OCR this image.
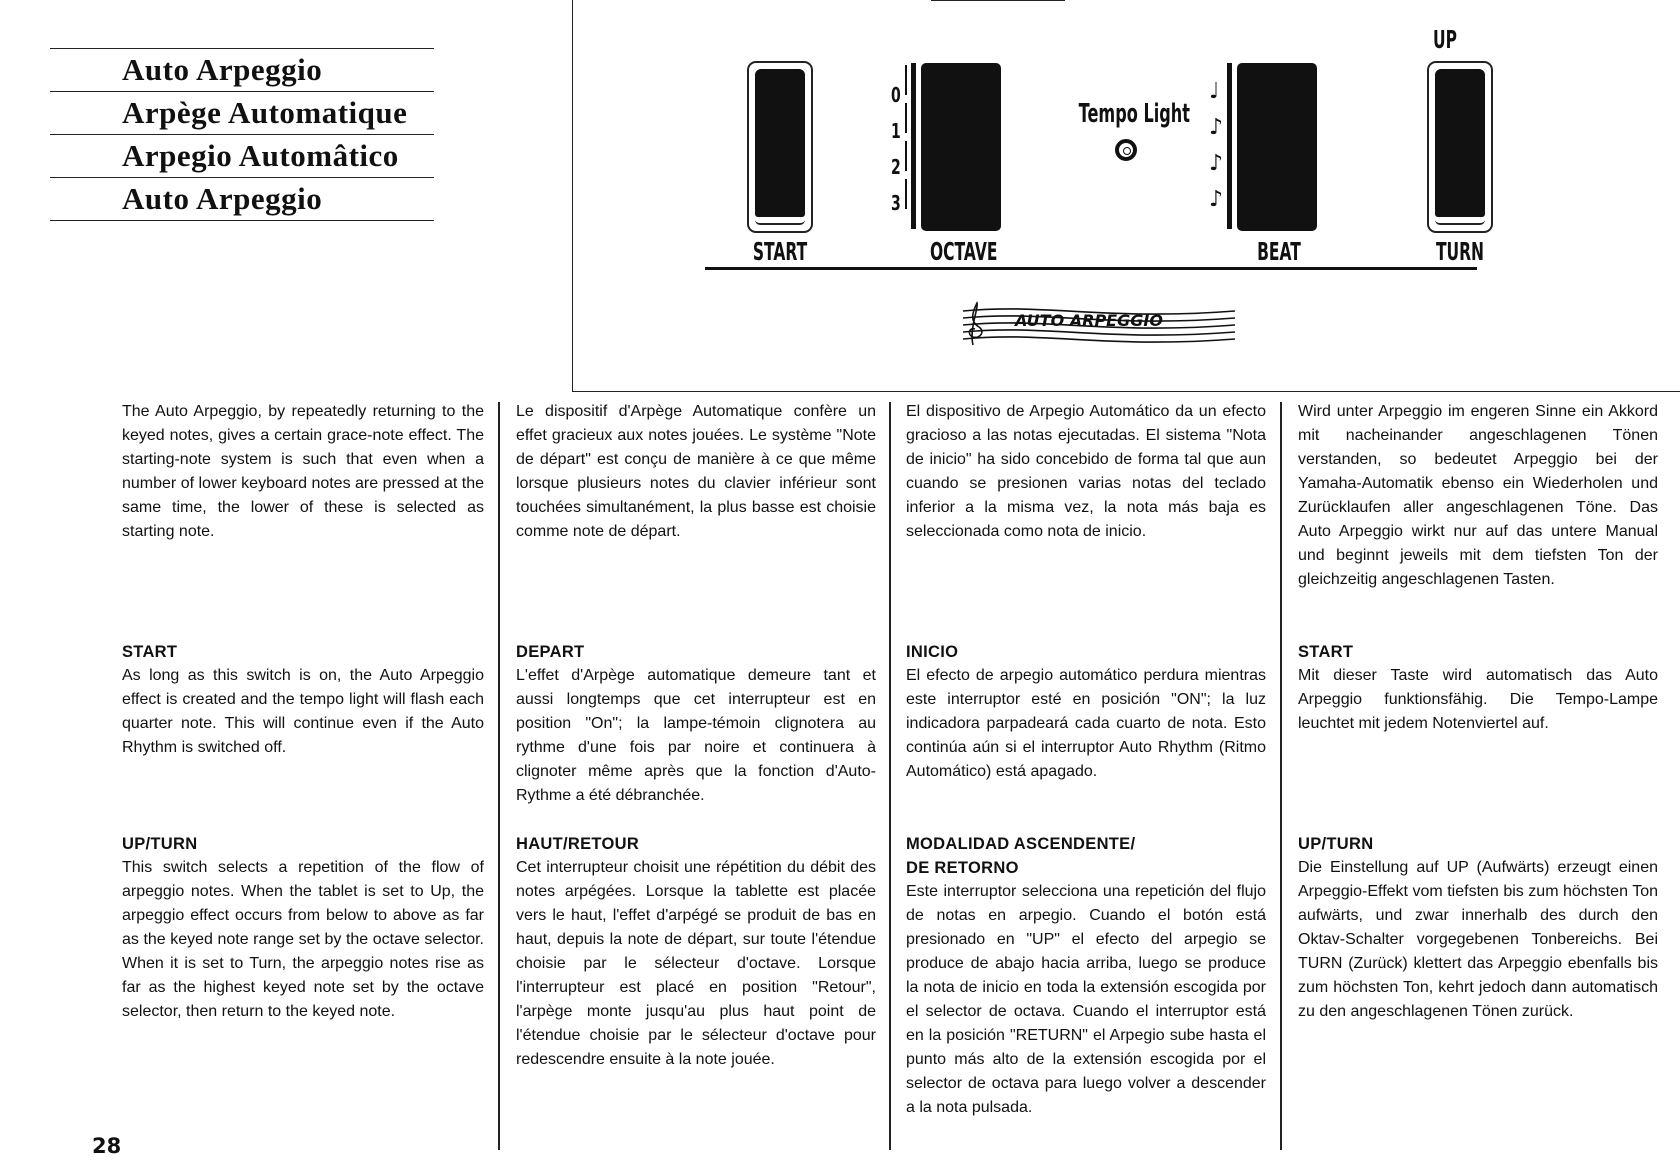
Auto Arpeggio
Arpège Automatique
Arpegio Automâtico
Auto Arpeggio
START
0
1
2
3
OCTAVE
Tempo Light
♩
♪
♪
♪
BEAT
UP
TURN
AUTO ARPEGGIO

The Auto Arpeggio, by repeatedly returning to the keyed notes, gives a certain grace-note effect. The starting-note system is such that even when a number of lower keyboard notes are pressed at the same time, the lower of these is selected as starting note.

START

As long as this switch is on, the Auto Arpeggio effect is created and the tempo light will flash each quarter note. This will continue even if the Auto Rhythm is switched off.

UP/TURN

This switch selects a repetition of the flow of arpeggio notes. When the tablet is set to Up, the arpeggio effect occurs from below to above as far as the keyed note range set by the octave selector. When it is set to Turn, the arpeggio notes rise as far as the highest keyed note set by the octave selector, then return to the keyed note.

Le dispositif d'Arpège Automatique confère un effet gracieux aux notes jouées. Le système "Note de départ" est conçu de manière à ce que même lorsque plusieurs notes du clavier inférieur sont touchées simultanément, la plus basse est choisie comme note de départ.

DEPART

L'effet d'Arpège automatique demeure tant et aussi longtemps que cet interrupteur est en position "On"; la lampe-témoin clignotera au rythme d'une fois par noire et continuera à clignoter même après que la fonction d'Auto-Rythme a été débranchée.

HAUT/RETOUR

Cet interrupteur choisit une répétition du débit des notes arpégées. Lorsque la tablette est placée vers le haut, l'effet d'arpégé se produit de bas en haut, depuis la note de départ, sur toute l'étendue choisie par le sélecteur d'octave. Lorsque l'interrupteur est placé en position "Retour", l'arpège monte jusqu'au plus haut point de l'étendue choisie par le sélecteur d'octave pour redescendre ensuite à la note jouée.

El dispositivo de Arpegio Automático da un efecto gracioso a las notas ejecutadas. El sistema "Nota de inicio" ha sido concebido de forma tal que aun cuando se presionen varias notas del teclado inferior a la misma vez, la nota más baja es seleccionada como nota de inicio.

INICIO

El efecto de arpegio automático perdura mientras este interruptor esté en posición "ON"; la luz indicadora parpadeará cada cuarto de nota. Esto continúa aún si el interruptor Auto Rhythm (Ritmo Automático) está apagado.

MODALIDAD ASCENDENTE/

DE RETORNO

Este interruptor selecciona una repetición del flujo de notas en arpegio. Cuando el botón está presionado en "UP" el efecto del arpegio se produce de abajo hacia arriba, luego se produce la nota de inicio en toda la extensión escogida por el selector de octava. Cuando el interruptor está en la posición "RETURN" el Arpegio sube hasta el punto más alto de la extensión escogida por el selector de octava para luego volver a descender a la nota pulsada.

Wird unter Arpeggio im engeren Sinne ein Akkord mit nacheinander angeschlagenen Tönen verstanden, so bedeutet Arpeggio bei der Yamaha-Automatik ebenso ein Wiederholen und Zurücklaufen aller angeschlagenen Töne. Das Auto Arpeggio wirkt nur auf das untere Manual und beginnt jeweils mit dem tiefsten Ton der gleichzeitig angeschlagenen Tasten.

START

Mit dieser Taste wird automatisch das Auto Arpeggio funktionsfähig. Die Tempo-Lampe leuchtet mit jedem Notenviertel auf.

UP/TURN

Die Einstellung auf UP (Aufwärts) erzeugt einen Arpeggio-Effekt vom tiefsten bis zum höchsten Ton aufwärts, und zwar innerhalb des durch den Oktav-Schalter vorgegebenen Tonbereichs. Bei TURN (Zurück) klettert das Arpeggio ebenfalls bis zum höchsten Ton, kehrt jedoch dann automatisch zu den angeschlagenen Tönen zurück.

28
